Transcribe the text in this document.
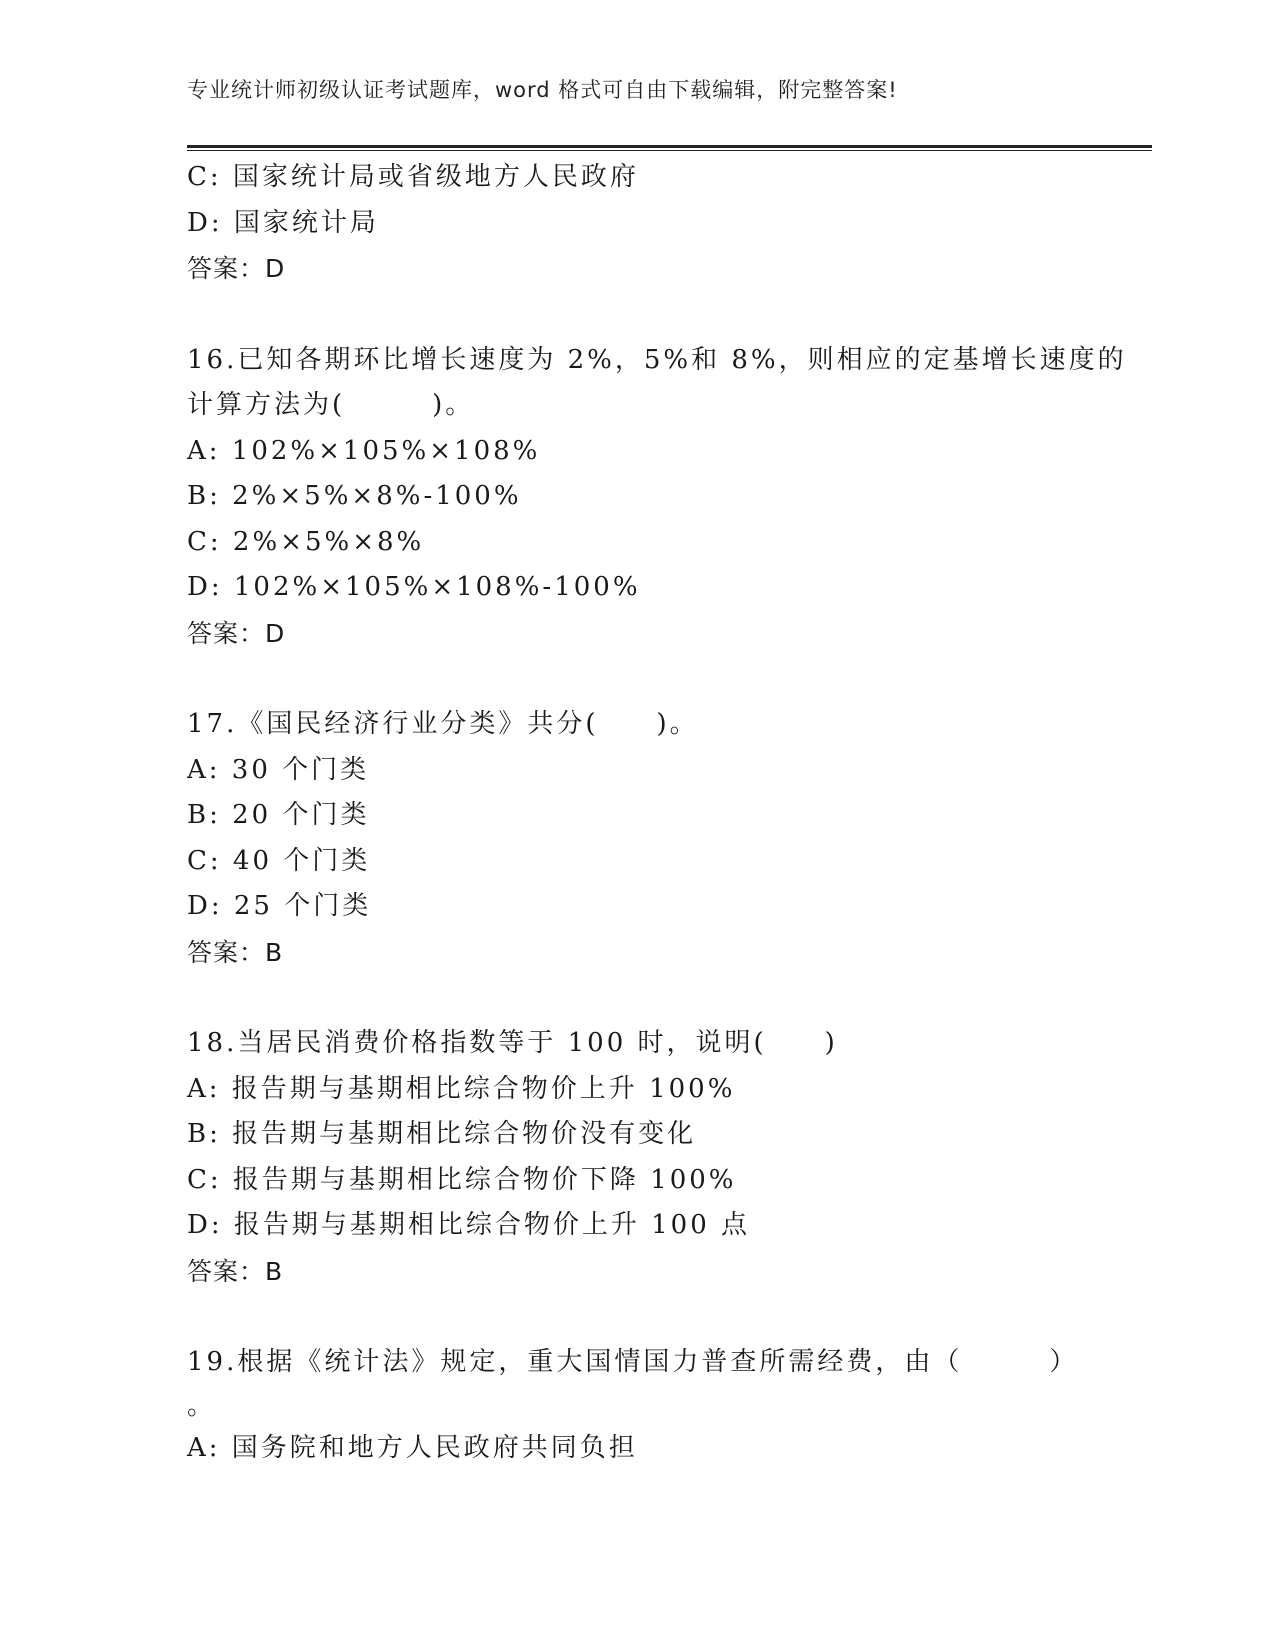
专业统计师初级认证考试题库，word 格式可自由下载编辑，附完整答案!
C: 国家统计局或省级地方人民政府
D: 国家统计局
答案：D
16.已知各期环比增长速度为 2%，5%和 8%，则相应的定基增长速度的
计算方法为(　　　)。
A: 102%×105%×108%
B: 2%×5%×8%-100%
C: 2%×5%×8%
D: 102%×105%×108%-100%
答案：D
17.《国民经济行业分类》共分(　　)。
A: 30 个门类
B: 20 个门类
C: 40 个门类
D: 25 个门类
答案：B
18.当居民消费价格指数等于 100 时，说明(　　)
A: 报告期与基期相比综合物价上升 100%
B: 报告期与基期相比综合物价没有变化
C: 报告期与基期相比综合物价下降 100%
D: 报告期与基期相比综合物价上升 100 点
答案：B
19.根据《统计法》规定，重大国情国力普查所需经费，由（　　　）
。
A: 国务院和地方人民政府共同负担
